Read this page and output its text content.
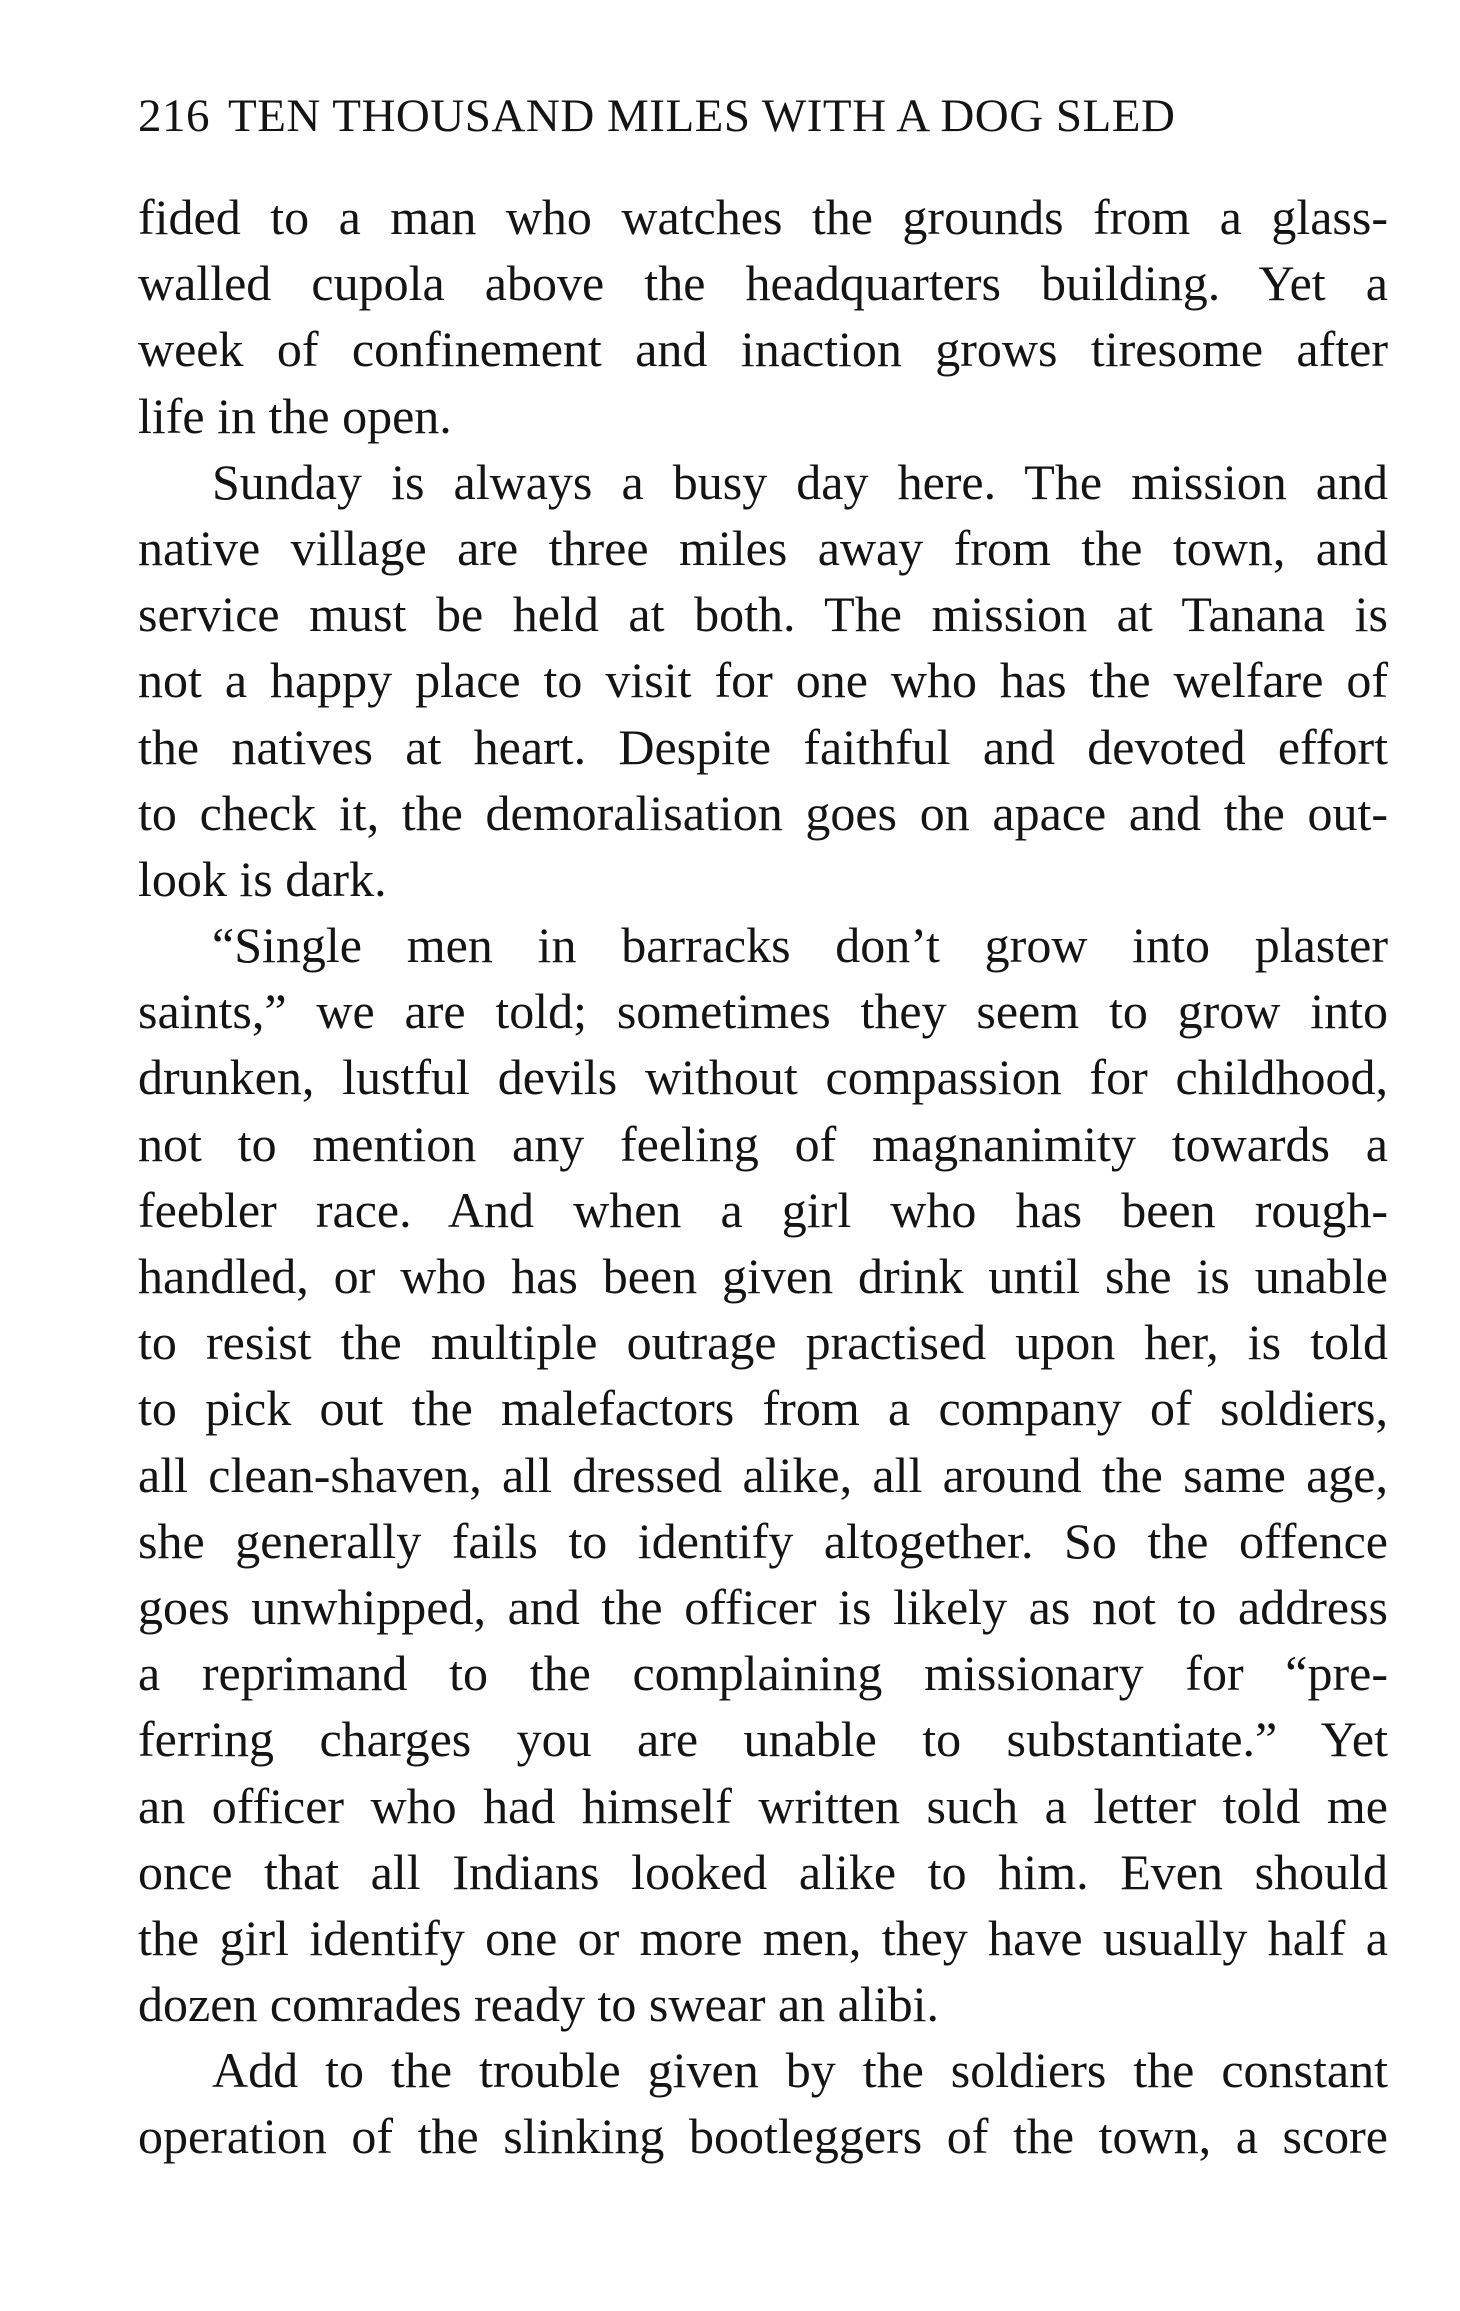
216 TEN THOUSAND MILES WITH A DOG SLED
fided to a man who watches the grounds from a glass-
walled cupola above the headquarters building. Yet a
week of confinement and inaction grows tiresome after
life in the open.
Sunday is always a busy day here. The mission and
native village are three miles away from the town, and
service must be held at both. The mission at Tanana is
not a happy place to visit for one who has the welfare of
the natives at heart. Despite faithful and devoted effort
to check it, the demoralisation goes on apace and the out-
look is dark.
“Single men in barracks don’t grow into plaster
saints,” we are told; sometimes they seem to grow into
drunken, lustful devils without compassion for childhood,
not to mention any feeling of magnanimity towards a
feebler race. And when a girl who has been rough-
handled, or who has been given drink until she is unable
to resist the multiple outrage practised upon her, is told
to pick out the malefactors from a company of soldiers,
all clean-shaven, all dressed alike, all around the same age,
she generally fails to identify altogether. So the offence
goes unwhipped, and the officer is likely as not to address
a reprimand to the complaining missionary for “pre-
ferring charges you are unable to substantiate.” Yet
an officer who had himself written such a letter told me
once that all Indians looked alike to him. Even should
the girl identify one or more men, they have usually half a
dozen comrades ready to swear an alibi.
Add to the trouble given by the soldiers the constant
operation of the slinking bootleggers of the town, a score
